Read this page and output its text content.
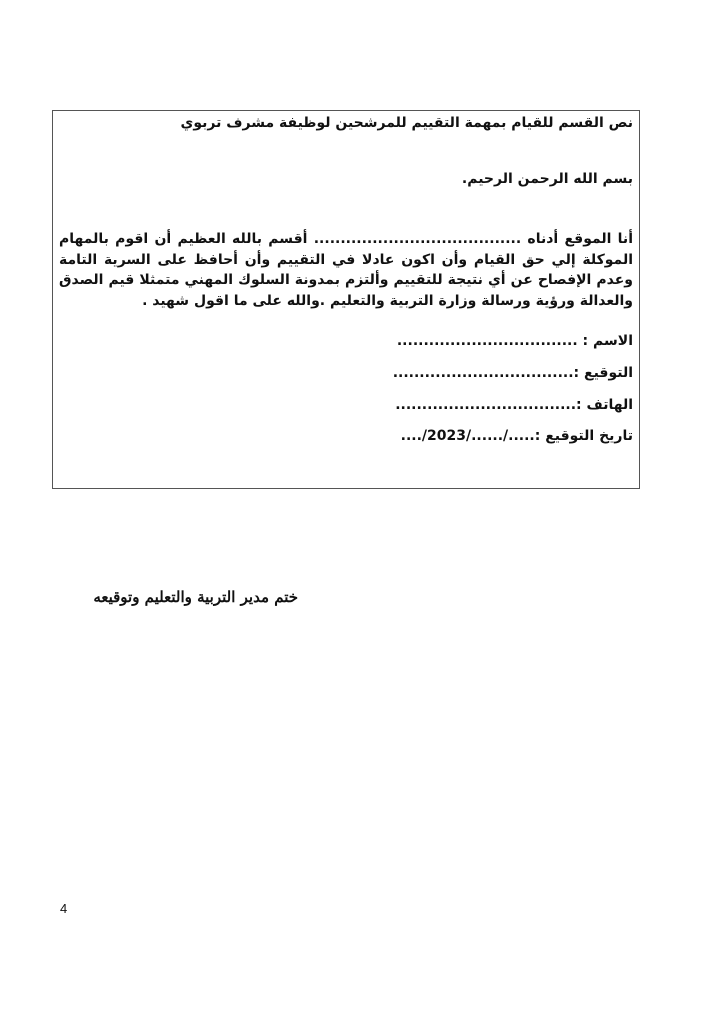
نص القسم للقيام بمهمة التقييم للمرشحين لوظيفة مشرف تربوي
بسم الله الرحمن الرحيم.
أنا الموقع أدناه ....................................... أقسم بالله العظيم أن اقوم بالمهام الموكلة إلي حق القيام وأن اكون عادلا في التقييم وأن أحافظ على السرية التامة وعدم الإفصاح عن أي نتيجة للتقييم وألتزم بمدونة السلوك المهني متمثلا قيم الصدق والعدالة ورؤية ورسالة وزارة التربية والتعليم .والله على ما اقول شهيد .
الاسم : ..................................
التوقيع :..................................
الهاتف :..................................
تاريخ التوقيع :...../....../2023/....
ختم مدير التربية والتعليم وتوقيعه
4
